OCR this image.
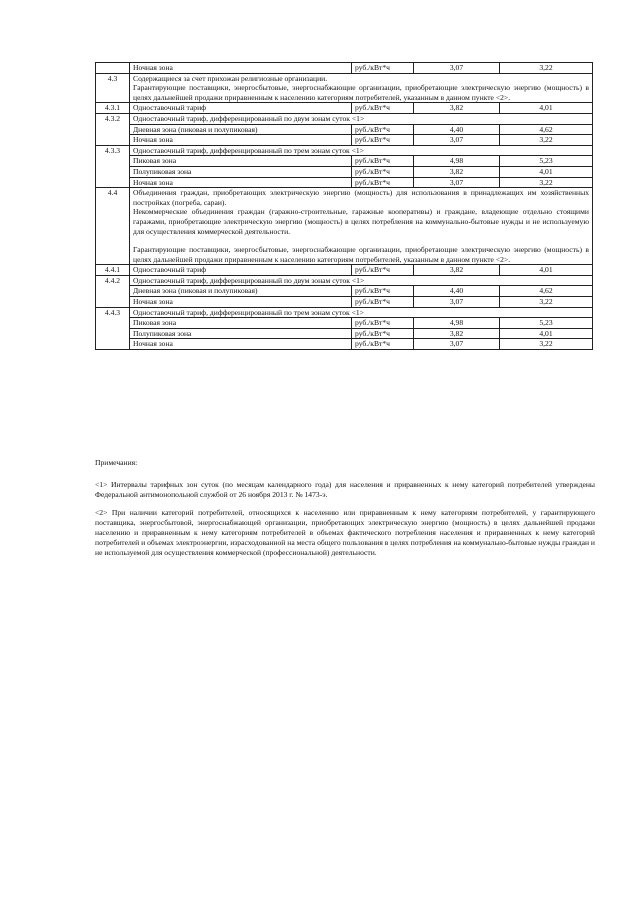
	Ночная зона	руб./кВт*ч	3,07	3,22
4.3	Содержащиеся за счет прихожан религиозные организации.

Гарантирующие поставщики, энергосбытовые, энергоснабжающие организации, приобретающие электрическую энергию (мощность) в целях дальнейшей продажи приравненным к населению категориям потребителей, указанным в данном пункте <2>.			

4.3.1	Одноставочный тариф	руб./кВт*ч	3,82	4,01
4.3.2	Одноставочный тариф, дифференцированный по двум зонам суток <1>			
	Дневная зона (пиковая и полупиковая)	руб./кВт*ч	4,40	4,62
	Ночная зона	руб./кВт*ч	3,07	3,22
4.3.3	Одноставочный тариф, дифференцированный по трем зонам суток <1>			
	Пиковая зона	руб./кВт*ч	4,98	5,23
	Полупиковая зона	руб./кВт*ч	3,82	4,01
	Ночная зона	руб./кВт*ч	3,07	3,22
4.4	Объединения граждан, приобретающих электрическую энергию (мощность) для использования в принадлежащих им хозяйственных постройках (погреба, сараи).

Некоммерческие объединения граждан (гаражно-строительные, гаражные кооперативы) и граждане, владеющие отдельно стоящими гаражами, приобретающие электрическую энергию (мощность) в целях потребления на коммунально-бытовые нужды и не используемую для осуществления коммерческой деятельности.

Гарантирующие поставщики, энергосбытовые, энергоснабжающие организации, приобретающие электрическую энергию (мощность) в целях дальнейшей продажи приравненным к населению категориям потребителей, указанным в данном пункте <2>.			

4.4.1	Одноставочный тариф	руб./кВт*ч	3,82	4,01
4.4.2	Одноставочный тариф, дифференцированный по двум зонам суток <1>			
	Дневная зона (пиковая и полупиковая)	руб./кВт*ч	4,40	4,62
	Ночная зона	руб./кВт*ч	3,07	3,22
4.4.3	Одноставочный тариф, дифференцированный по трем зонам суток <1>			
	Пиковая зона	руб./кВт*ч	4,98	5,23
	Полупиковая зона	руб./кВт*ч	3,82	4,01
	Ночная зона	руб./кВт*ч	3,07	3,22
Примечания:
<1> Интервалы тарифных зон суток (по месяцам календарного года) для населения и приравненных к нему категорий потребителей утверждены Федеральной антимонопольной службой от 26 ноября 2013 г. № 1473-э.
<2> При наличии категорий потребителей, относящихся к населению или приравненным к нему категориям потребителей, у гарантирующего поставщика, энергосбытовой, энергоснабжающей организации, приобретающих электрическую энергию (мощность) в целях дальнейшей продажи населению и приравненным к нему категориям потребителей в объемах фактического потребления населения и приравненных к нему категорий потребителей и объемах электроэнергии, израсходованной на места общего пользования в целях потребления на коммунально-бытовые нужды граждан и не используемой для осуществления коммерческой (профессиональной) деятельности.
